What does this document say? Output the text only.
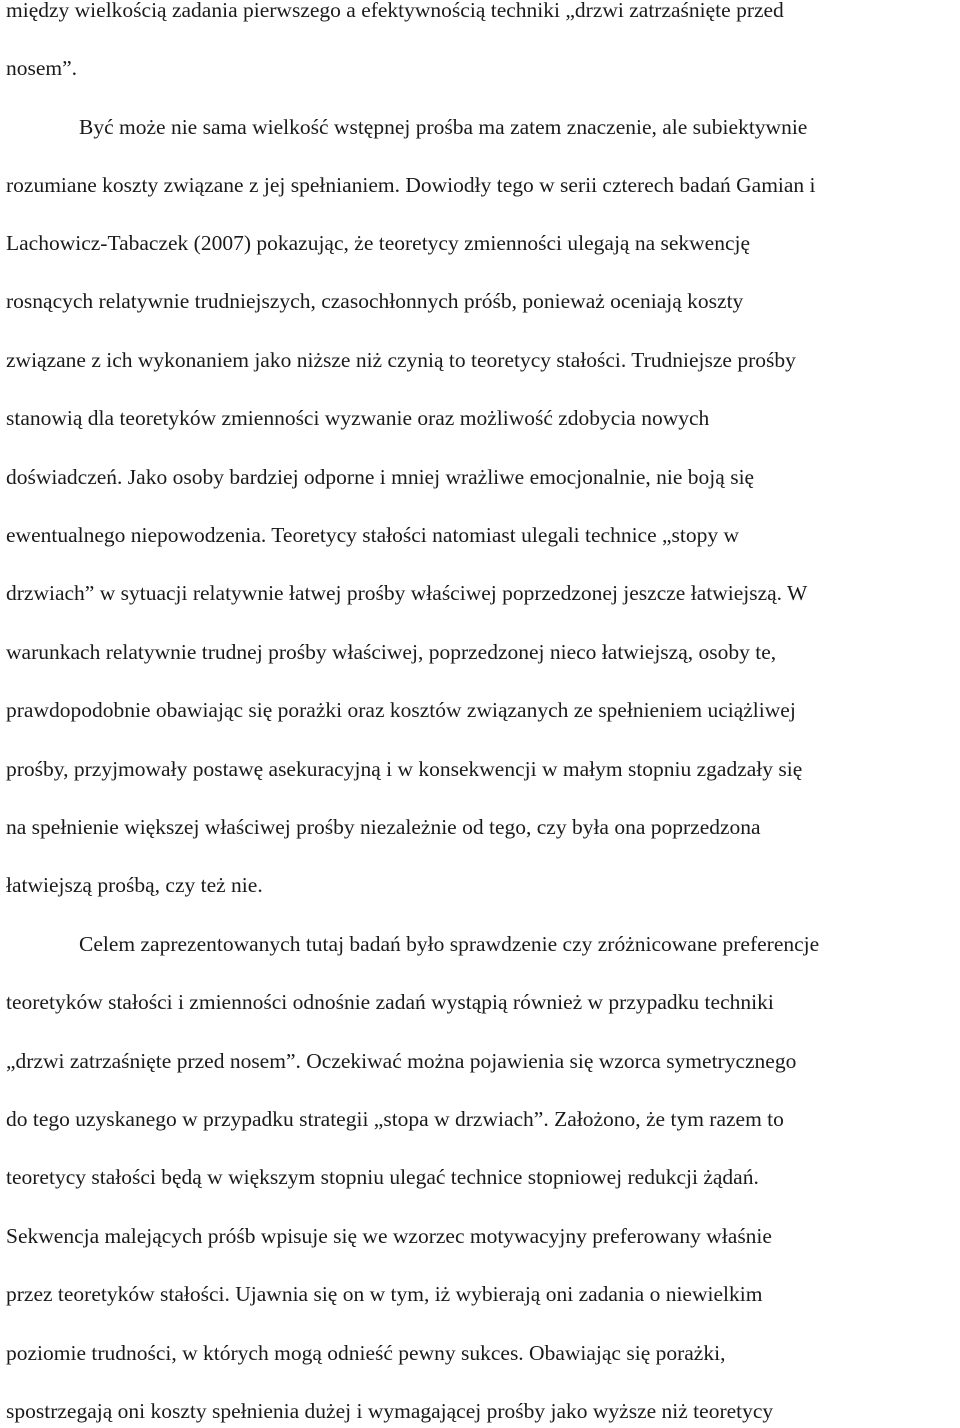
między wielkością zadania pierwszego a efektywnością techniki „drzwi zatrzaśnięte przed
nosem”.
Być może nie sama wielkość wstępnej prośba ma zatem znaczenie, ale subiektywnie
rozumiane koszty związane z jej spełnianiem. Dowiodły tego w serii czterech badań Gamian i
Lachowicz-Tabaczek (2007) pokazując, że teoretycy zmienności ulegają na sekwencję
rosnących relatywnie trudniejszych, czasochłonnych próśb, ponieważ oceniają koszty
związane z ich wykonaniem jako niższe niż czynią to teoretycy stałości. Trudniejsze prośby
stanowią dla teoretyków zmienności wyzwanie oraz możliwość zdobycia nowych
doświadczeń. Jako osoby bardziej odporne i mniej wrażliwe emocjonalnie, nie boją się
ewentualnego niepowodzenia. Teoretycy stałości natomiast ulegali technice „stopy w
drzwiach” w sytuacji relatywnie łatwej prośby właściwej poprzedzonej jeszcze łatwiejszą. W
warunkach relatywnie trudnej prośby właściwej, poprzedzonej nieco łatwiejszą, osoby te,
prawdopodobnie obawiając się porażki oraz kosztów związanych ze spełnieniem uciążliwej
prośby, przyjmowały postawę asekuracyjną i w konsekwencji w małym stopniu zgadzały się
na spełnienie większej właściwej prośby niezależnie od tego, czy była ona poprzedzona
łatwiejszą prośbą, czy też nie.
Celem zaprezentowanych tutaj badań było sprawdzenie czy zróżnicowane preferencje
teoretyków stałości i zmienności odnośnie zadań wystąpią również w przypadku techniki
„drzwi zatrzaśnięte przed nosem”. Oczekiwać można pojawienia się wzorca symetrycznego
do tego uzyskanego w przypadku strategii „stopa w drzwiach”. Założono, że tym razem to
teoretycy stałości będą w większym stopniu ulegać technice stopniowej redukcji żądań.
Sekwencja malejących próśb wpisuje się we wzorzec motywacyjny preferowany właśnie
przez teoretyków stałości. Ujawnia się on w tym, iż wybierają oni zadania o niewielkim
poziomie trudności, w których mogą odnieść pewny sukces. Obawiając się porażki,
spostrzegają oni koszty spełnienia dużej i wymagającej prośby jako wyższe niż teoretycy
